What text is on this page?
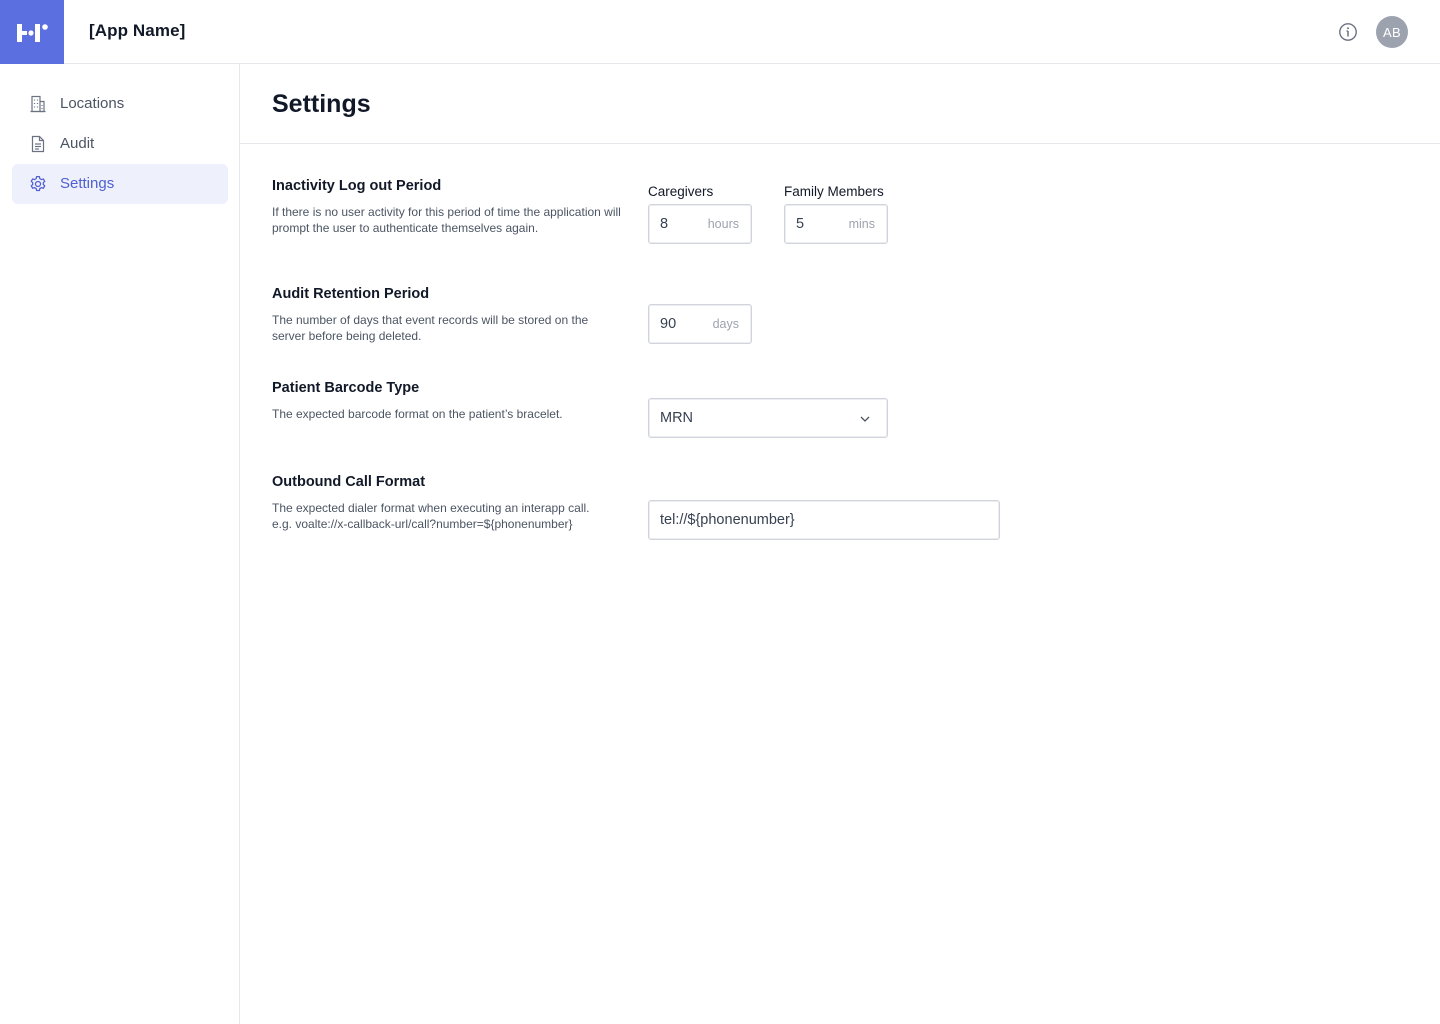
[App Name]	AB
Locations
Audit
Settings
Settings
Inactivity Log out Period
If there is no user activity for this period of time the application will prompt the user to authenticate themselves again.
Caregivers
8	hours
Family Members
5	mins
Audit Retention Period
The number of days that event records will be stored on the server before being deleted.
90	days
Patient Barcode Type
The expected barcode format on the patient’s bracelet.	MRN
Outbound Call Format
The expected dialer format when executing an interapp call.
e.g. voalte://x-callback-url/call?number=${phonenumber}	tel://${phonenumber}
